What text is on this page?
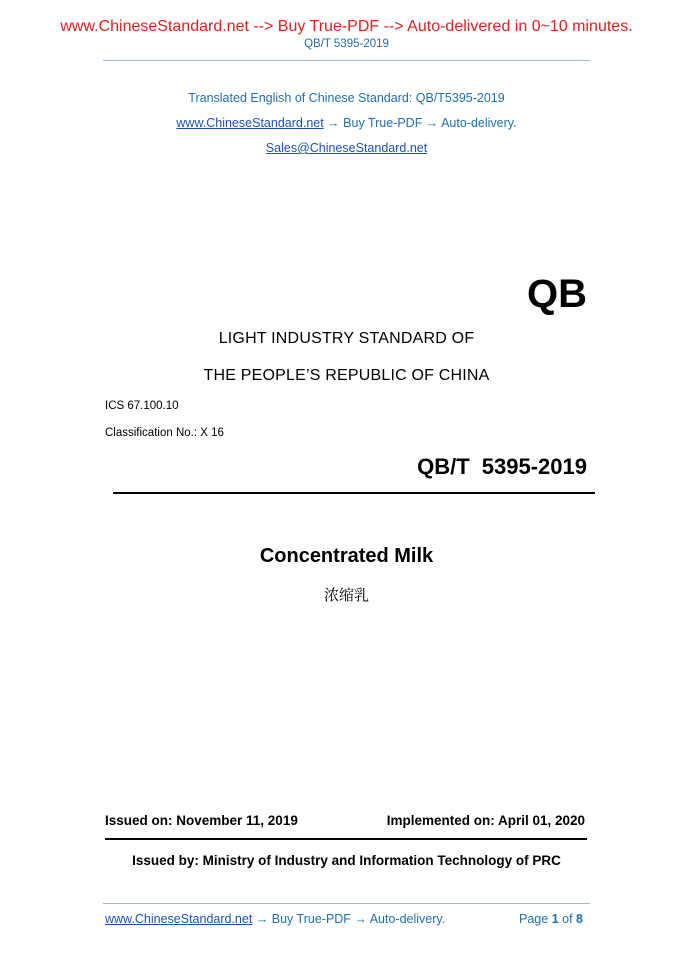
www.ChineseStandard.net --> Buy True-PDF --> Auto-delivered in 0~10 minutes.
QB/T 5395-2019
Translated English of Chinese Standard: QB/T5395-2019
www.ChineseStandard.net → Buy True-PDF → Auto-delivery.
Sales@ChineseStandard.net
QB
LIGHT INDUSTRY STANDARD OF
THE PEOPLE’S REPUBLIC OF CHINA
ICS 67.100.10
Classification No.: X 16
QB/T 5395-2019
Concentrated Milk
浓缩乳
Issued on: November 11, 2019	Implemented on: April 01, 2020
Issued by: Ministry of Industry and Information Technology of PRC
www.ChineseStandard.net → Buy True-PDF → Auto-delivery.	Page 1 of 8
